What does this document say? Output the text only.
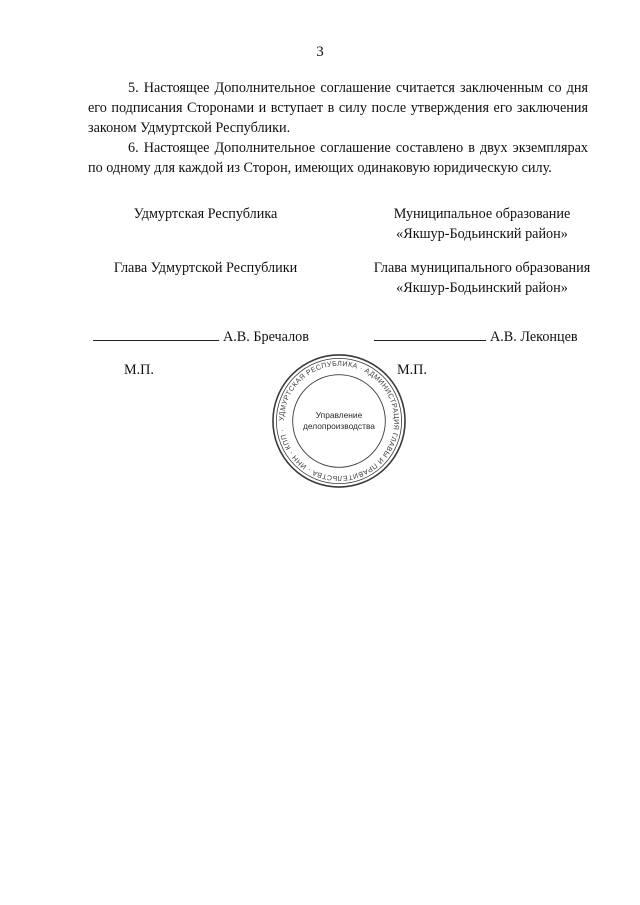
3

5. Настоящее Дополнительное соглашение считается заключенным со дня его подписания Сторонами и вступает в силу после утверждения его заключения законом Удмуртской Республики.

6. Настоящее Дополнительное соглашение составлено в двух экземплярах по одному для каждой из Сторон, имеющих одинаковую юридическую силу.

Удмуртская Республика	Муниципальное образование
«Якшур-Бодьинский район»
Глава Удмуртской Республики	Глава муниципального образования «Якшур-Бодьинский район»
А.В. Бречалов	А.В. Леконцев
М.П.	М.П.
УДМУРТСКАЯ РЕСПУБЛИКА · АДМИНИСТРАЦИЯ ГЛАВЫ И ПРАВИТЕЛЬСТВА · ИНН · КПП ·
Управление
делопроизводства
